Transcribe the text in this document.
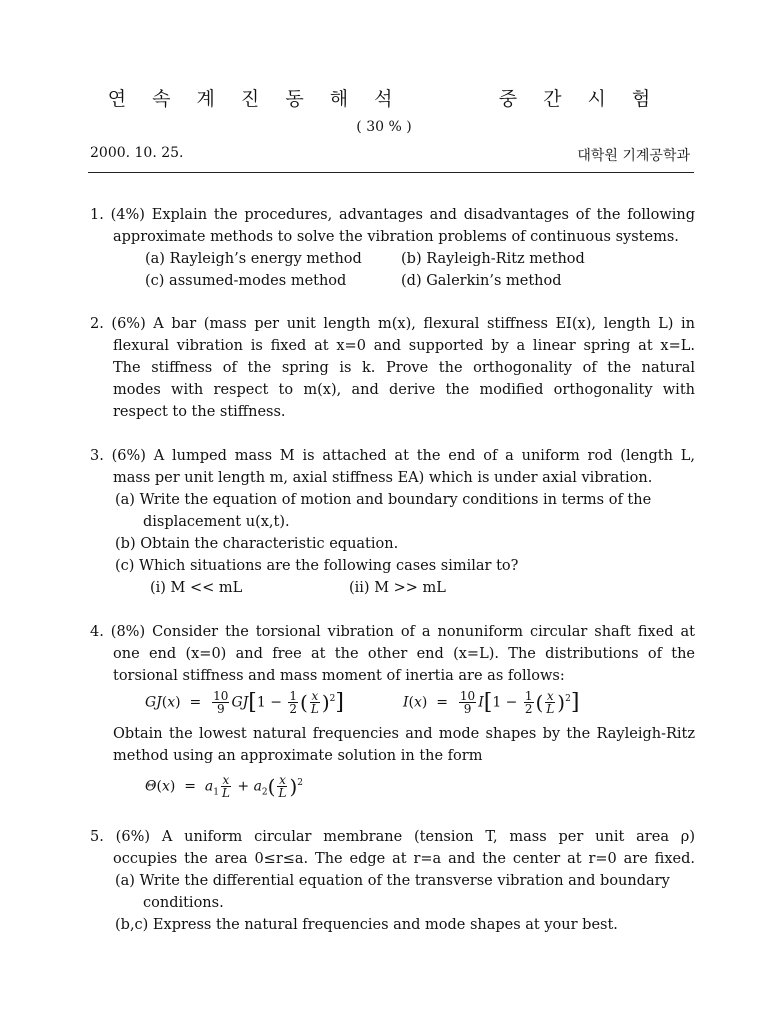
연 속 계 진 동 해 석      중 간 시 험
( 30 % )
2000. 10. 25.	대학원 기계공학과
1. (4%) Explain the procedures, advantages and disadvantages of the following
approximate methods to solve the vibration problems of continuous systems.
(a) Rayleigh’s energy method	(b) Rayleigh-Ritz method
(c) assumed-modes method	(d) Galerkin’s method
2. (6%) A bar (mass per unit length m(x), flexural stiffness EI(x), length L) in
flexural vibration is fixed at x=0 and supported by a linear spring at x=L.
The stiffness of the spring is k. Prove the orthogonality of the natural
modes with respect to m(x), and derive the modified orthogonality with
respect to the stiffness.
3. (6%) A lumped mass M is attached at the end of a uniform rod (length L,
mass per unit length m, axial stiffness EA) which is under axial vibration.
(a) Write the equation of motion and boundary conditions in terms of the
displacement u(x,t).
(b) Obtain the characteristic equation.
(c) Which situations are the following cases similar to?
(i) M << mL	(ii) M >> mL
4. (8%) Consider the torsional vibration of a nonuniform circular shaft fixed at
one end (x=0) and free at the other end (x=L). The distributions of the
torsional stiffness and mass moment of inertia are as follows:
$GJ(x) = \frac{10}{9} GJ[1 - \frac{1}{2}$ ( $\frac{x}{L} )^2$]	$I(x) = \frac{10}{9} I[1 - \frac{1}{2}$ ( $\frac{x}{L} )^2$]
Obtain the lowest natural frequencies and mode shapes by the Rayleigh-Ritz
method using an approximate solution in the form
$\Theta(x) = a_1 \frac{x}{L} + a_2( \frac{x}{L} )^2$
5. (6%) A uniform circular membrane (tension T, mass per unit area ρ)
occupies the area 0≤r≤a. The edge at r=a and the center at r=0 are fixed.
(a) Write the differential equation of the transverse vibration and boundary
conditions.
(b,c) Express the natural frequencies and mode shapes at your best.
